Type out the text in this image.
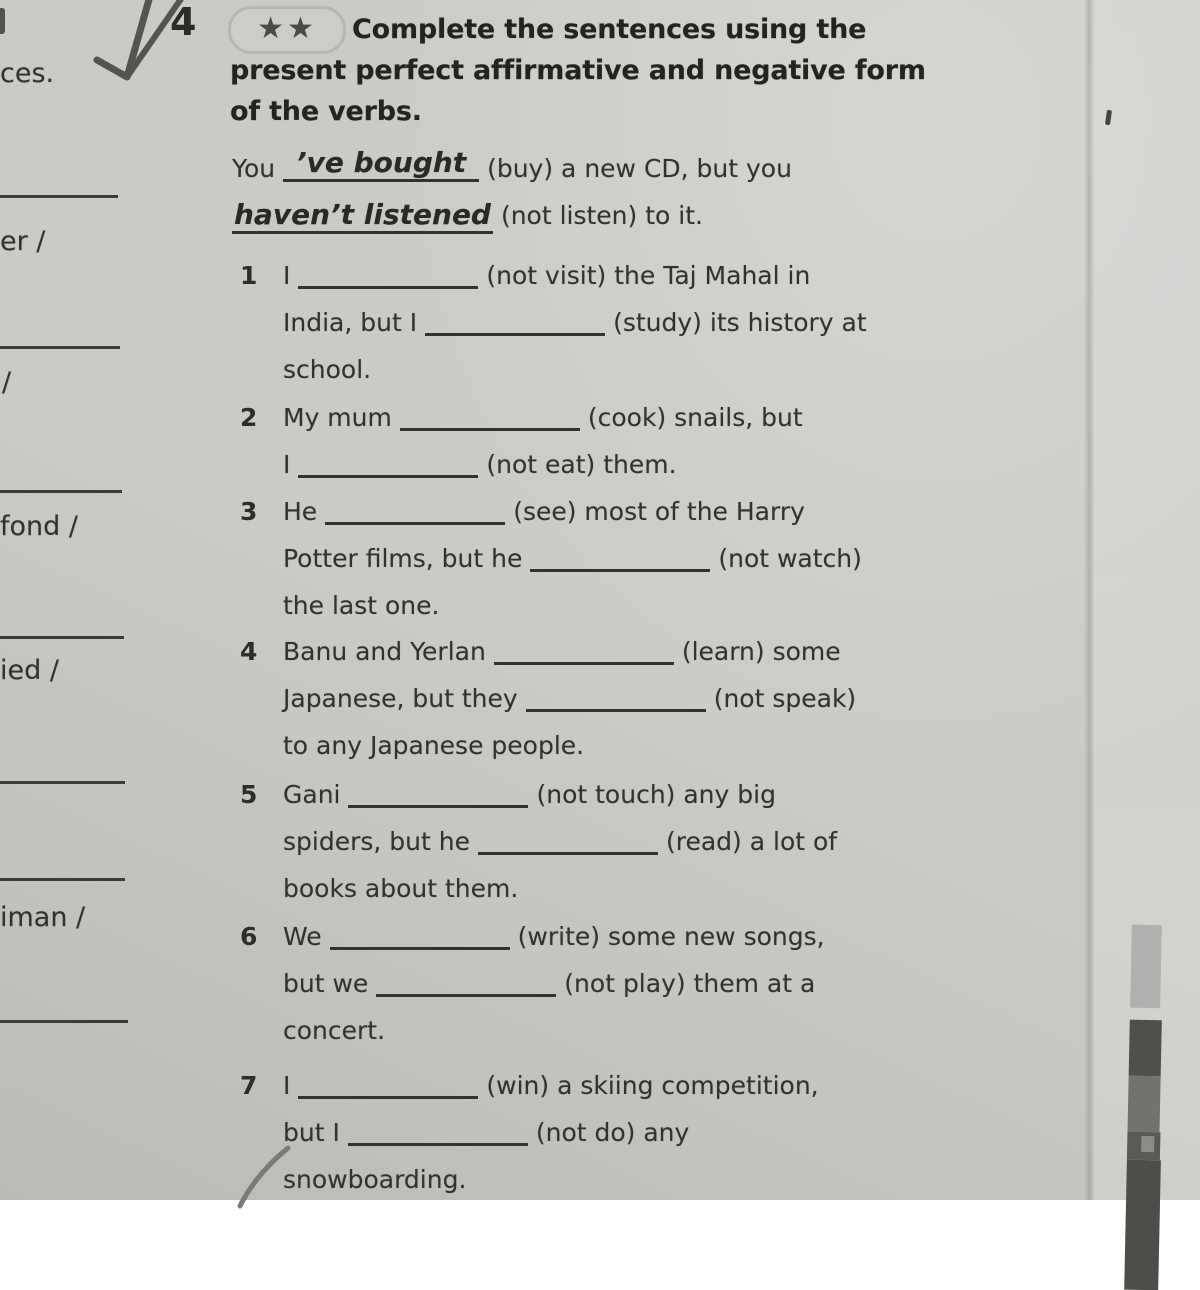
ces.
er /
/
fond /
ied /
iman /
4 ★★ Complete the sentences using the
present perfect affirmative and negative form
of the verbs.
You ’ve bought (buy) a new CD, but you
haven’t listened (not listen) to it.
1	I	(not visit) the Taj Mahal in
India, but I	(study) its history at
school.
2	My mum	(cook) snails, but
I	(not eat) them.
3	He	(see) most of the Harry
Potter films, but he	(not watch)
the last one.
4	Banu and Yerlan	(learn) some
Japanese, but they	(not speak)
to any Japanese people.
5	Gani	(not touch) any big
spiders, but he	(read) a lot of
books about them.
6	We	(write) some new songs,
but we	(not play) them at a
concert.
7	I	(win) a skiing competition,
but I	(not do) any
snowboarding.
